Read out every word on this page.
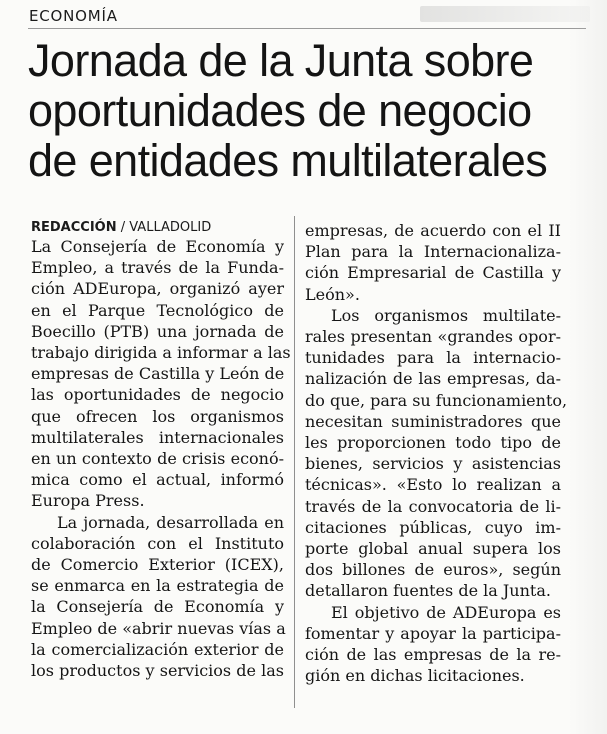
ECONOMÍA
Jornada de la Junta sobre
oportunidades de negocio
de entidades multilaterales
REDACCIÓN / VALLADOLID
La Consejería de Economía y
Empleo, a través de la Funda-
ción ADEuropa, organizó ayer
en el Parque Tecnológico de
Boecillo (PTB) una jornada de
trabajo dirigida a informar a las
empresas de Castilla y León de
las oportunidades de negocio
que ofrecen los organismos
multilaterales internacionales
en un contexto de crisis econó-
mica como el actual, informó
Europa Press.
La jornada, desarrollada en
colaboración con el Instituto
de Comercio Exterior (ICEX),
se enmarca en la estrategia de
la Consejería de Economía y
Empleo de «abrir nuevas vías a
la comercialización exterior de
los productos y servicios de las
empresas, de acuerdo con el II
Plan para la Internacionaliza-
ción Empresarial de Castilla y
León».
Los organismos multilate-
rales presentan «grandes opor-
tunidades para la internacio-
nalización de las empresas, da-
do que, para su funcionamiento,
necesitan suministradores que
les proporcionen todo tipo de
bienes, servicios y asistencias
técnicas». «Esto lo realizan a
través de la convocatoria de li-
citaciones públicas, cuyo im-
porte global anual supera los
dos billones de euros», según
detallaron fuentes de la Junta.
El objetivo de ADEuropa es
fomentar y apoyar la participa-
ción de las empresas de la re-
gión en dichas licitaciones.
